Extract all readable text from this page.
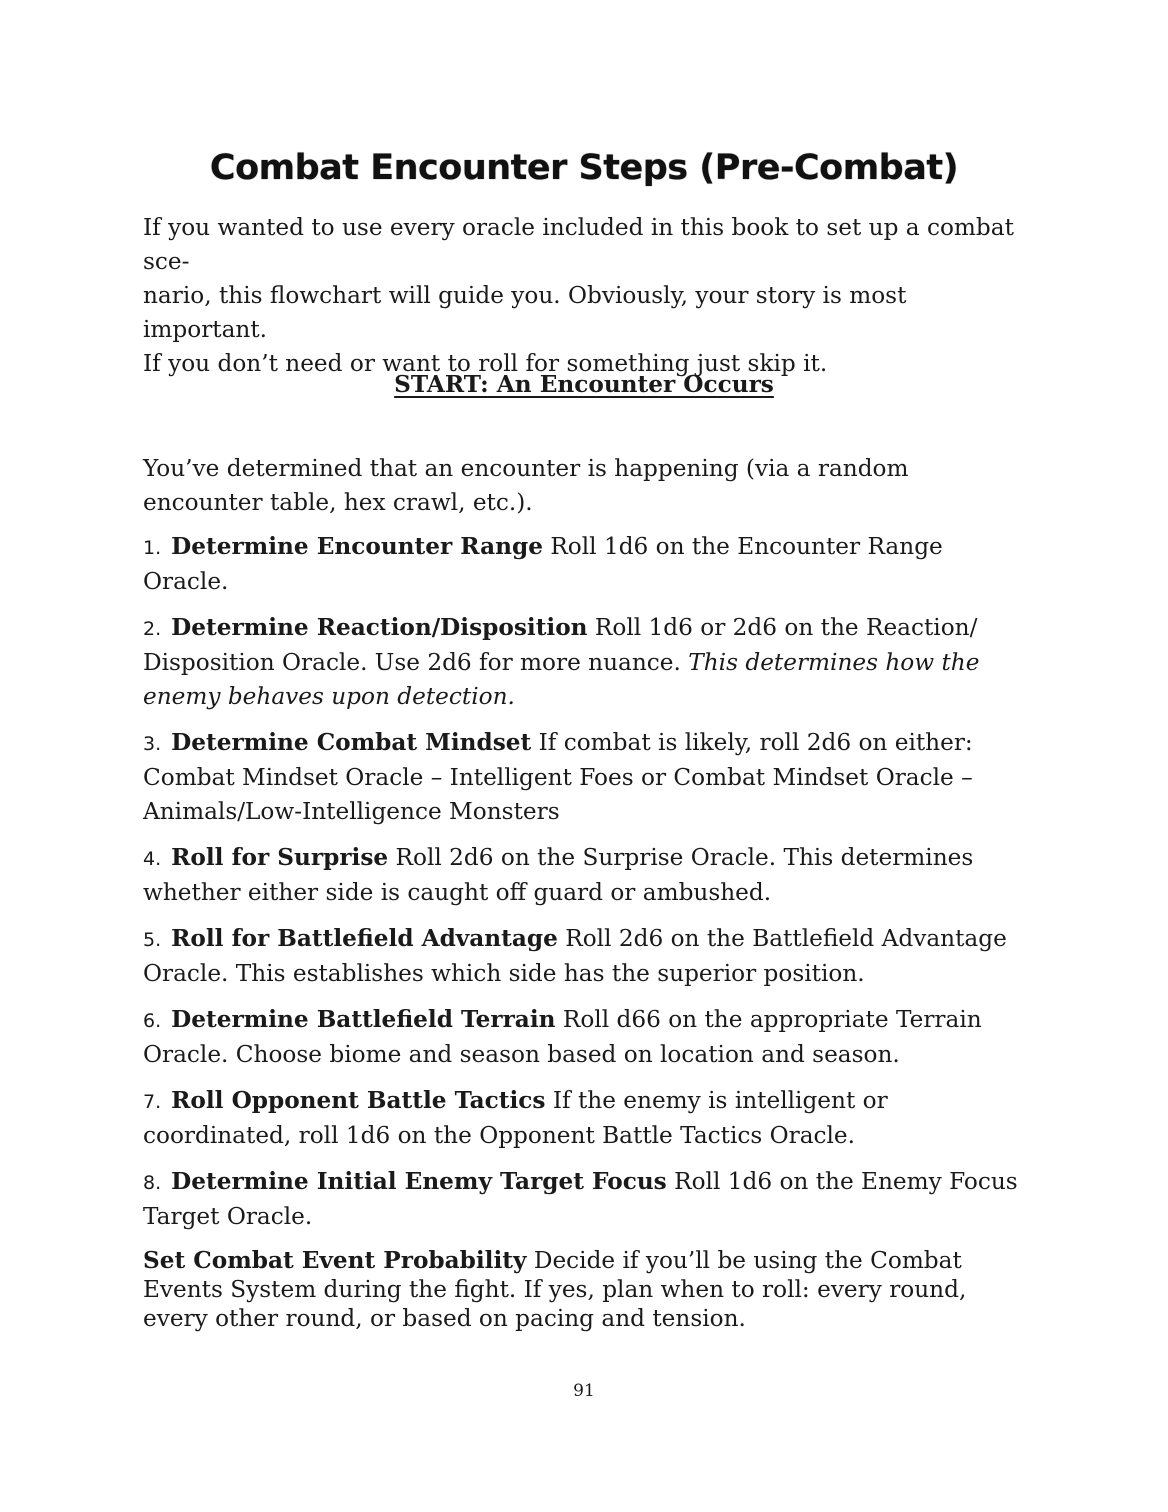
Combat Encounter Steps (Pre-Combat)
If you wanted to use every oracle included in this book to set up a combat sce-
nario, this flowchart will guide you. Obviously, your story is most important.
If you don’t need or want to roll for something just skip it.
START: An Encounter Occurs

You’ve determined that an encounter is happening (via a random encounter table, hex crawl, etc.).

1. Determine Encounter Range Roll 1d6 on the Encounter Range Oracle.

2. Determine Reaction/Disposition Roll 1d6 or 2d6 on the Reaction/ Disposition Oracle. Use 2d6 for more nuance. This determines how the enemy behaves upon detection.

3. Determine Combat Mindset If combat is likely, roll 2d6 on either: Combat Mindset Oracle – Intelligent Foes or Combat Mindset Oracle – Animals/Low-Intelligence Monsters

4. Roll for Surprise Roll 2d6 on the Surprise Oracle. This determines whether either side is caught off guard or ambushed.

5. Roll for Battlefield Advantage Roll 2d6 on the Battlefield Advantage Oracle. This establishes which side has the superior position.

6. Determine Battlefield Terrain Roll d66 on the appropriate Terrain Oracle. Choose biome and season based on location and season.

7. Roll Opponent Battle Tactics If the enemy is intelligent or coordinated, roll 1d6 on the Opponent Battle Tactics Oracle.

8. Determine Initial Enemy Target Focus Roll 1d6 on the Enemy Focus Target Oracle.

Set Combat Event Probability Decide if you’ll be using the Combat Events System during the fight. If yes, plan when to roll: every round, every other round, or based on pacing and tension.

91
